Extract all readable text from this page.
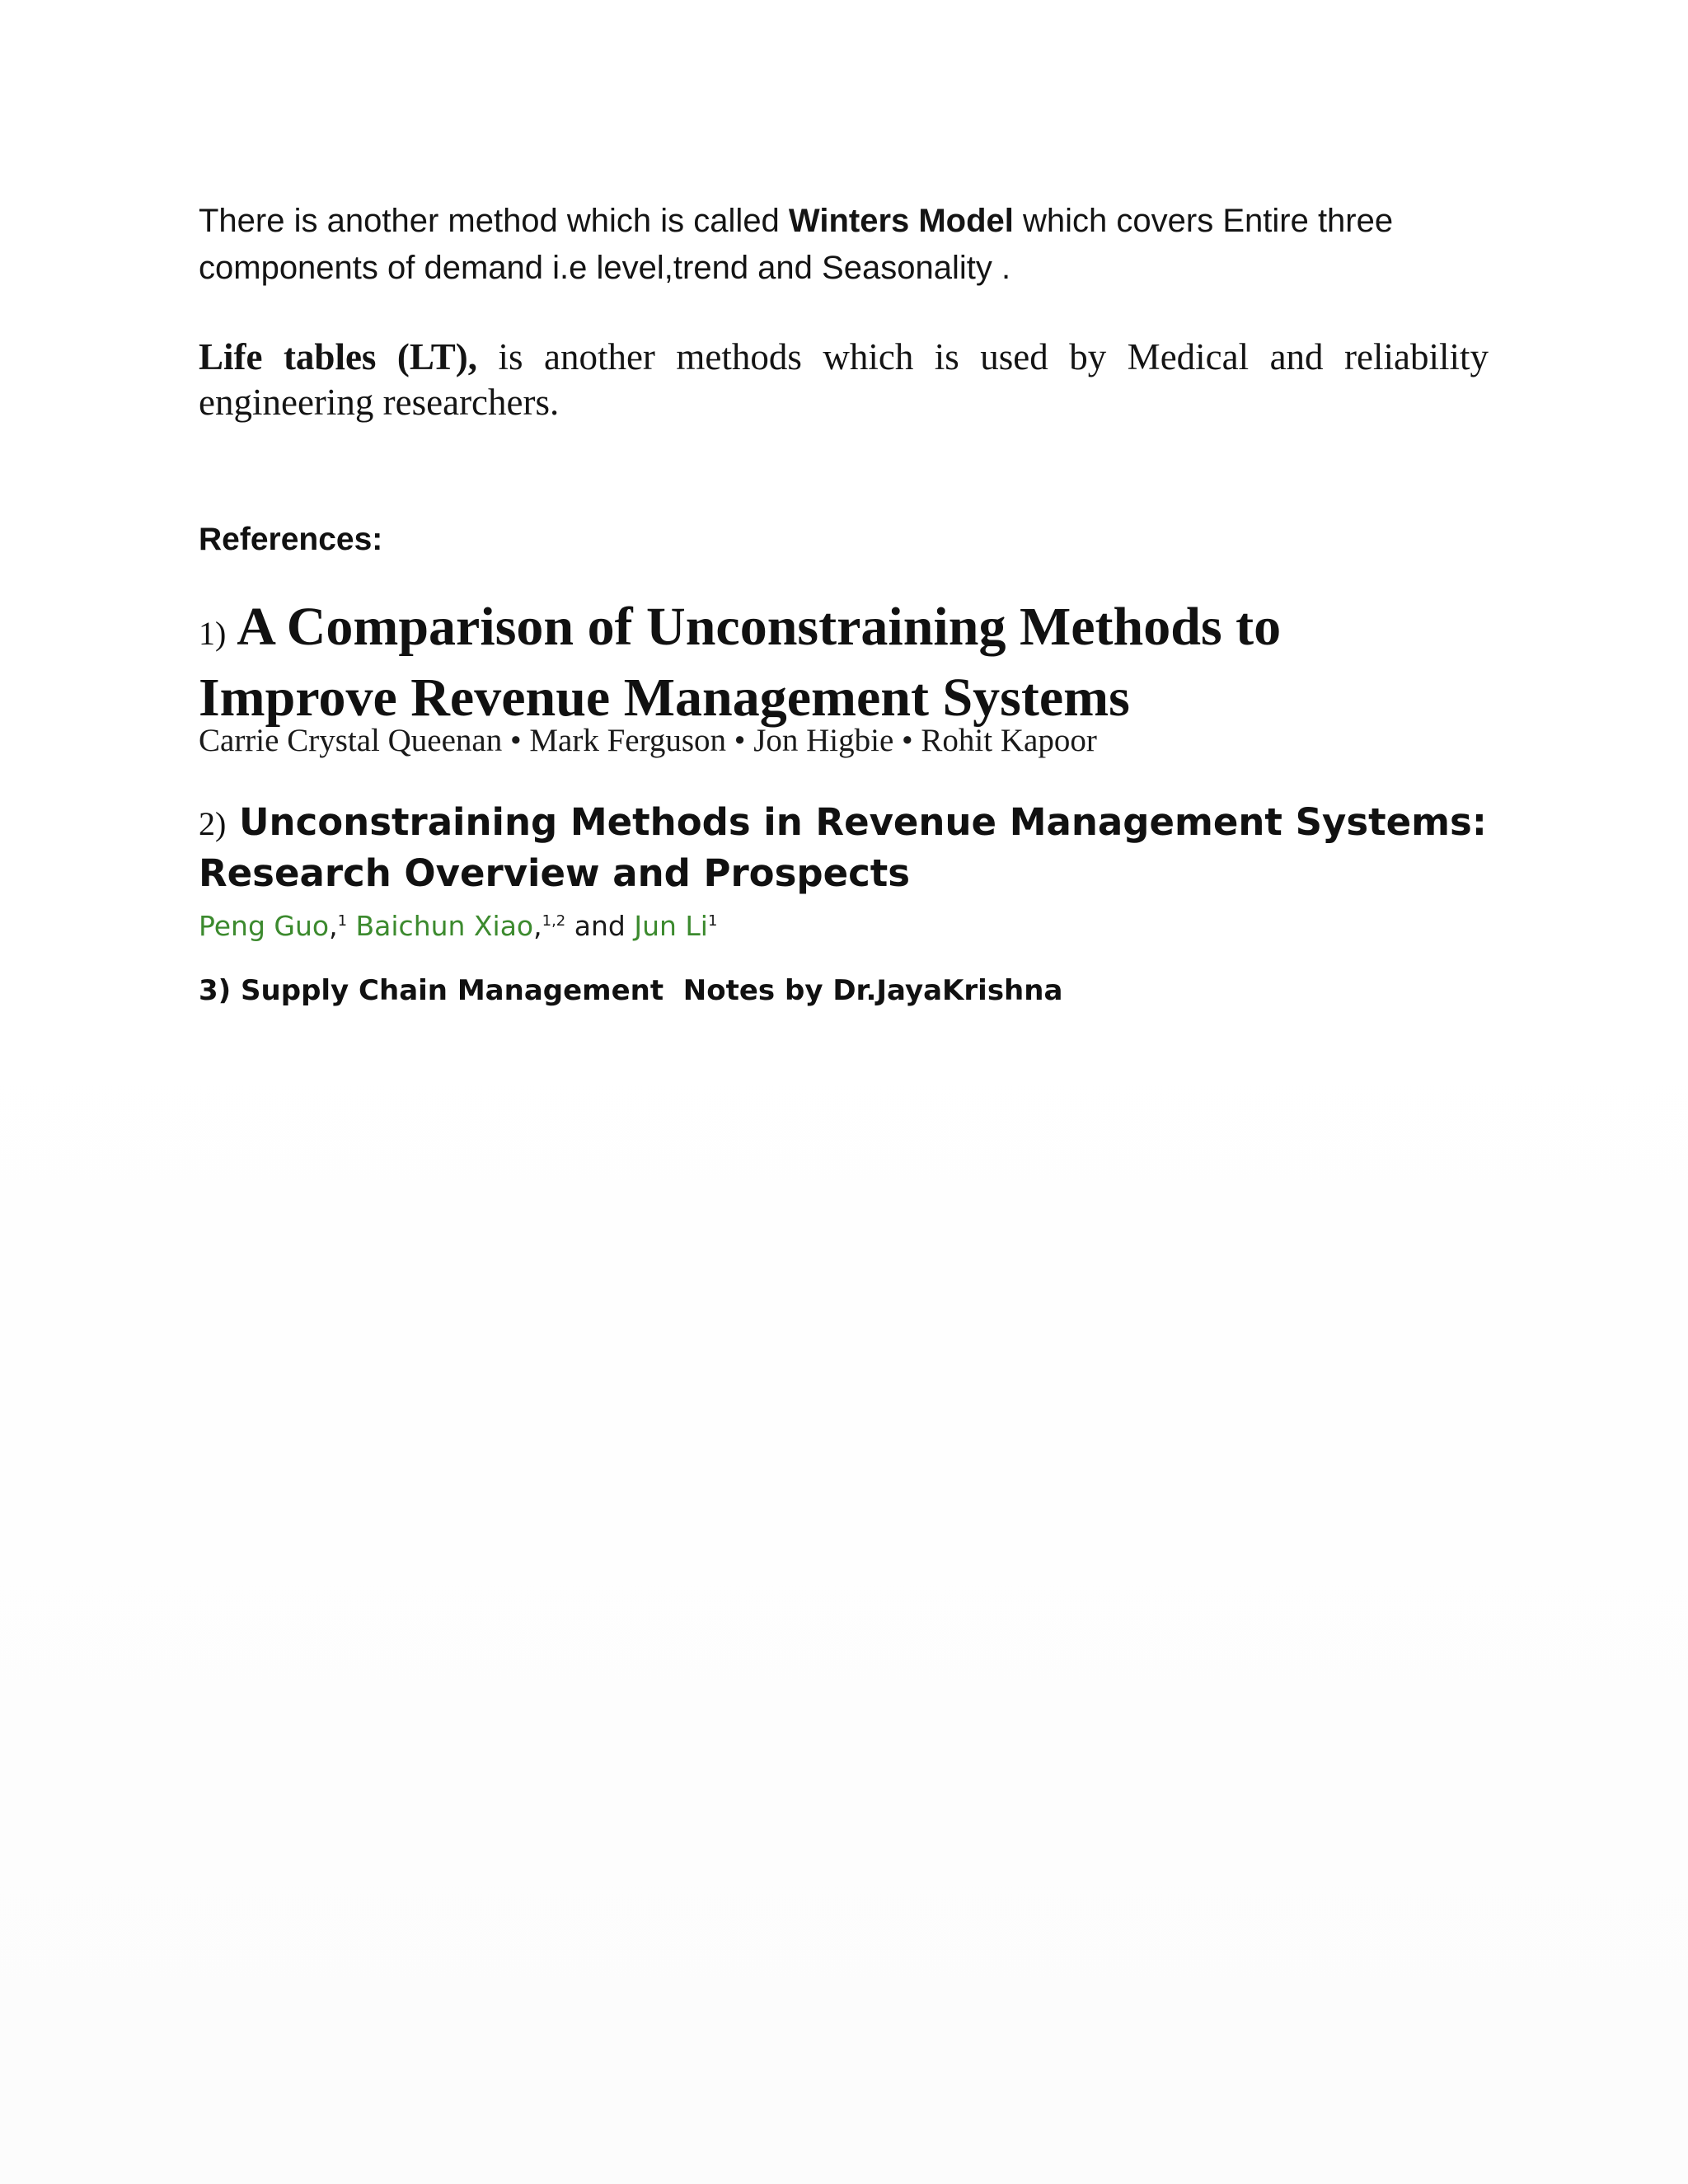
There is another method which is called Winters Model which covers Entire three components of demand i.e level,trend and Seasonality .
Life tables (LT), is another methods which is used by Medical and reliability engineering researchers.
References:
1) A Comparison of Unconstraining Methods to
Improve Revenue Management Systems
Carrie Crystal Queenan • Mark Ferguson • Jon Higbie • Rohit Kapoor
2) Unconstraining Methods in Revenue Management Systems:
Research Overview and Prospects
Peng Guo,$^1$ Baichun Xiao,$^{1,2}$ and Jun Li$^1$
3) Supply Chain Management  Notes by Dr.JayaKrishna
